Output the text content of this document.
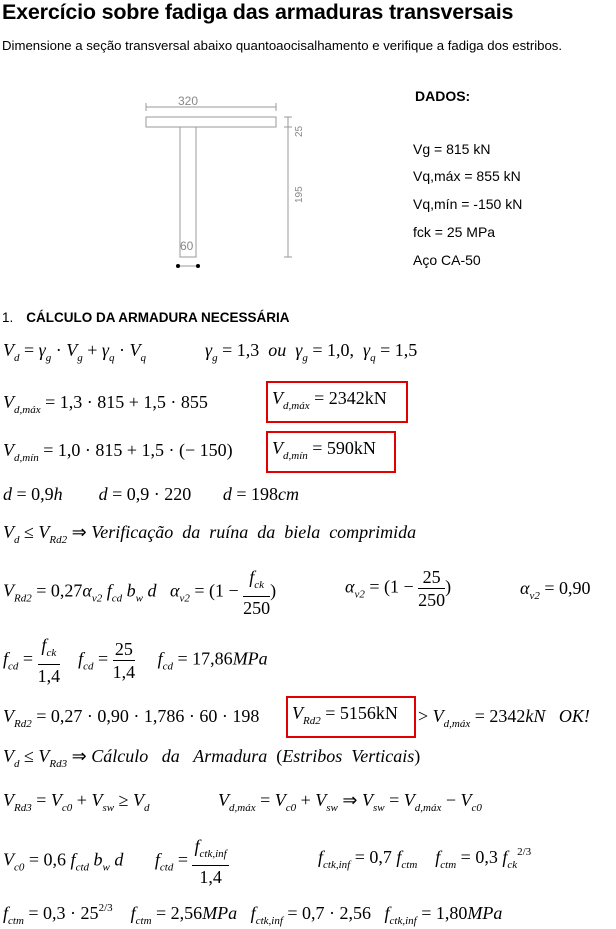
Exercício sobre fadiga das armaduras transversais
Dimensione a seção transversal abaixo quantoaocisalhamento e verifique a fadiga dos estribos.
320
60
25
195
DADOS:
Vg = 815 kN
Vq,máx = 855 kN
Vq,mín = -150 kN
fck = 25 MPa
Aço CA-50
1. CÁLCULO DA ARMADURA NECESSÁRIA
$V_d = \gamma_g \cdot V_g + \gamma_q \cdot V_q$	$\gamma_g = 1,3$  ou  $\gamma_g = 1,0$,  $\gamma_q = 1,5$
$V_{d,máx} = 1,3 \cdot 815 + 1,5 \cdot 855$	$V_{d,máx} = 2342kN$
$V_{d,mín} = 1,0 \cdot 815 + 1,5$ · (− 150) $V_{d,mín} = 590kN$
d = 0,9h        d = 0,9 · 220       d = 198cm
$V_d \le V_{Rd2}$ ⇒ Verificação  da  ruína  da  biela  comprimida
$V_{Rd2} = 0,27\alpha_{v2}$ $f_{cd}$ $b_w$ d   $\alpha_{v2} = (1 - \frac{f_{ck}}{250}$ )	$\alpha_{v2} = (1 - \frac{25}{250}$ )	$\alpha_{v2} = 0,90$
$f_{cd} = \frac{f_{ck}}{1,4} f_{cd} = \frac{25}{1,4} f_{cd} = 17,86MPa$
$V_{Rd2} = 0,27 \cdot 0,90 \cdot 1,786 \cdot 60 \cdot 198$ $V_{Rd2} = 5156kN > V_{d,máx} = 2342kN$   OK!
$V_d \le V_{Rd3}$ ⇒ Cálculo   da   Armadura  (Estribos  Verticais)
$V_{Rd3} = V_{c0} + V_{sw} \ge V_d$	$V_{d,máx} = V_{c0} + V_{sw}$ ⇒ $V_{sw} = V_{d,máx} - V_{c0}$
$V_{c0} = 0,6$ $f_{ctd}$ $b_w$ d       $f_{ctd} = \frac{f_{ctk,inf}}{1,4}$	$f_{ctk,inf} = 0,7$ $f_{ctm}$    $f_{ctm} = 0,3$ $f_{ck}^{2/3}$
$f_{ctm} = 0,3 \cdot 25^{2/3}$    $f_{ctm} = 2,56MPa$   $f_{ctk,inf} = 0,7 \cdot 2,56$   $f_{ctk,inf} = 1,80MPa$
